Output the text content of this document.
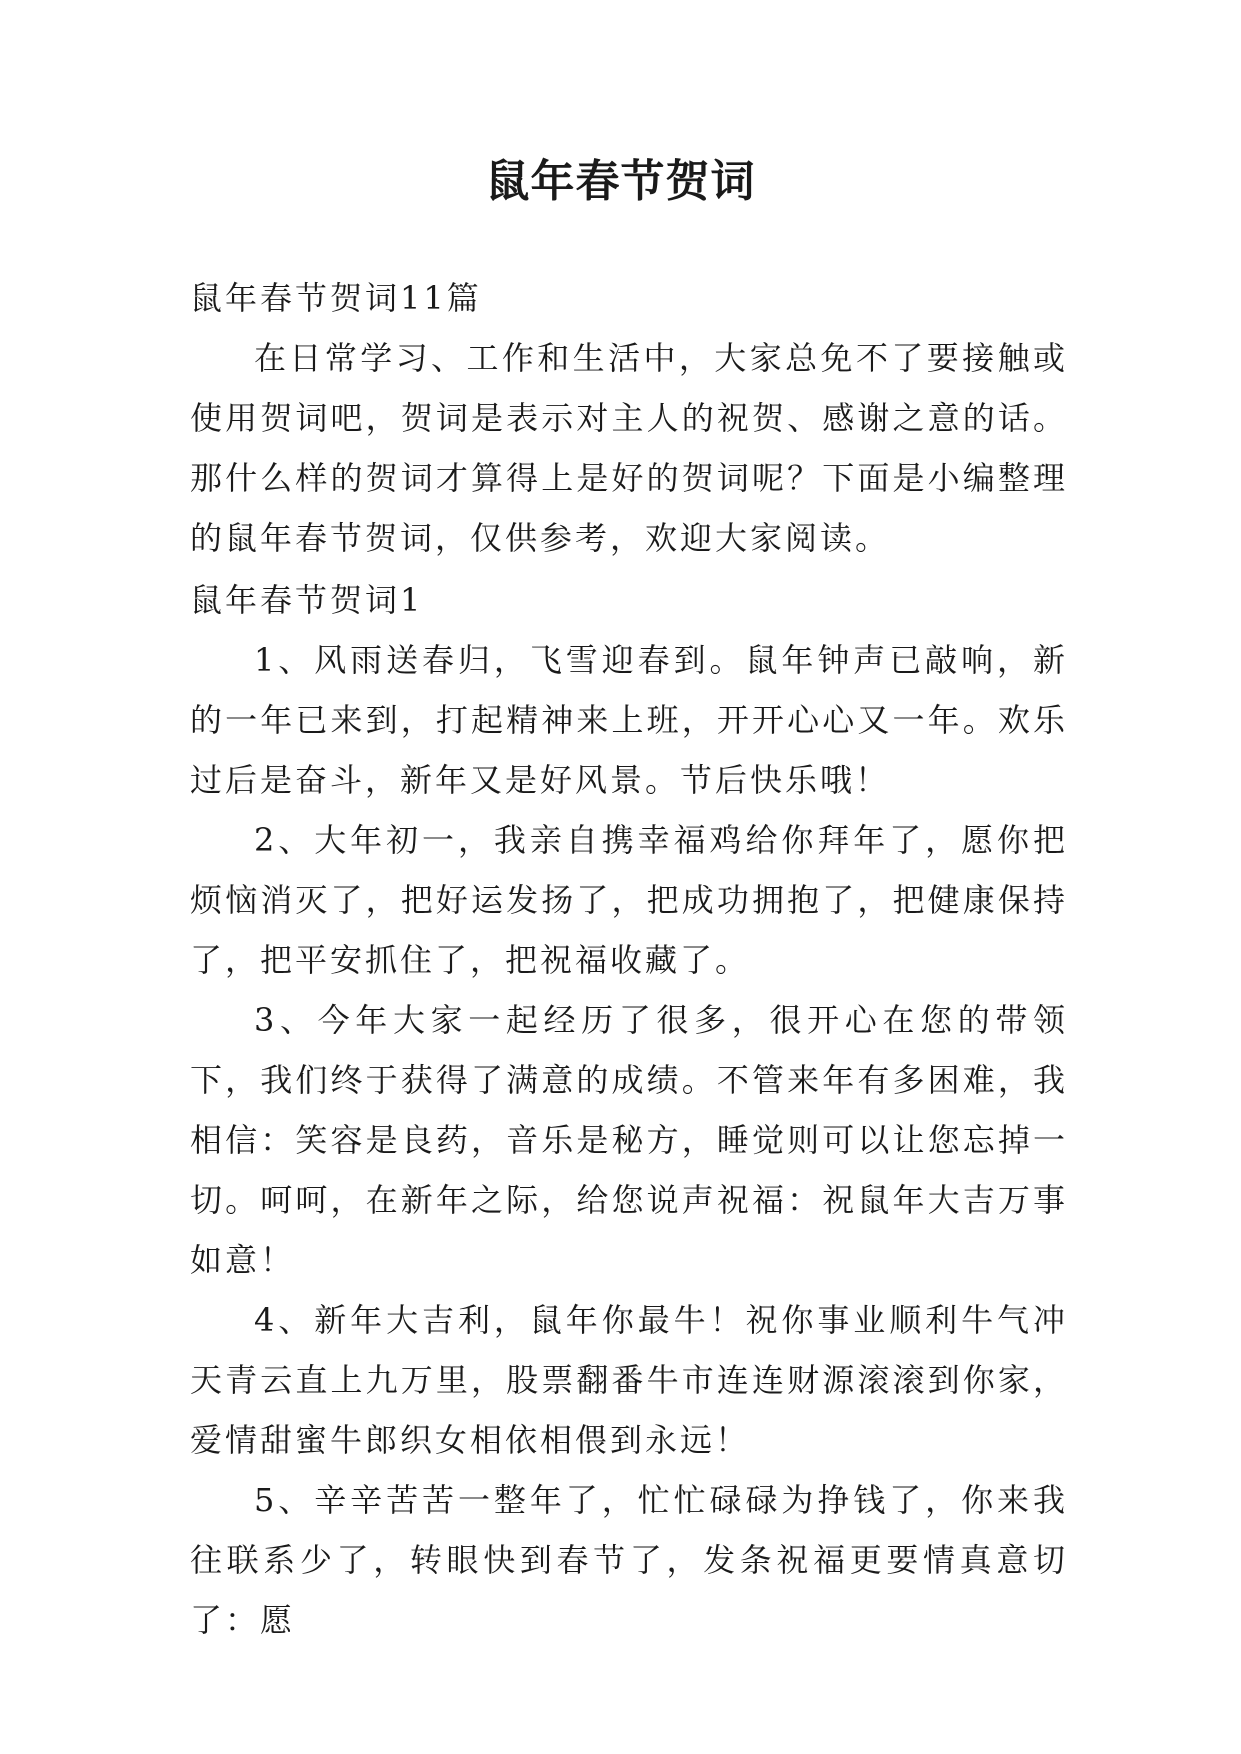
鼠年春节贺词

鼠年春节贺词11篇

在日常学习、工作和生活中，大家总免不了要接触或使用贺词吧，贺词是表示对主人的祝贺、感谢之意的话。那什么样的贺词才算得上是好的贺词呢？下面是小编整理的鼠年春节贺词，仅供参考，欢迎大家阅读。

鼠年春节贺词1

1、风雨送春归，飞雪迎春到。鼠年钟声已敲响，新的一年已来到，打起精神来上班，开开心心又一年。欢乐过后是奋斗，新年又是好风景。节后快乐哦！

2、大年初一，我亲自携幸福鸡给你拜年了，愿你把烦恼消灭了，把好运发扬了，把成功拥抱了，把健康保持了，把平安抓住了，把祝福收藏了。

3、今年大家一起经历了很多，很开心在您的带领下，我们终于获得了满意的成绩。不管来年有多困难，我相信：笑容是良药，音乐是秘方，睡觉则可以让您忘掉一切。呵呵，在新年之际，给您说声祝福：祝鼠年大吉万事如意！

4、新年大吉利，鼠年你最牛！祝你事业顺利牛气冲天青云直上九万里，股票翻番牛市连连财源滚滚到你家，爱情甜蜜牛郎织女相依相偎到永远！

5、辛辛苦苦一整年了，忙忙碌碌为挣钱了，你来我往联系少了，转眼快到春节了，发条祝福更要情真意切了：愿
